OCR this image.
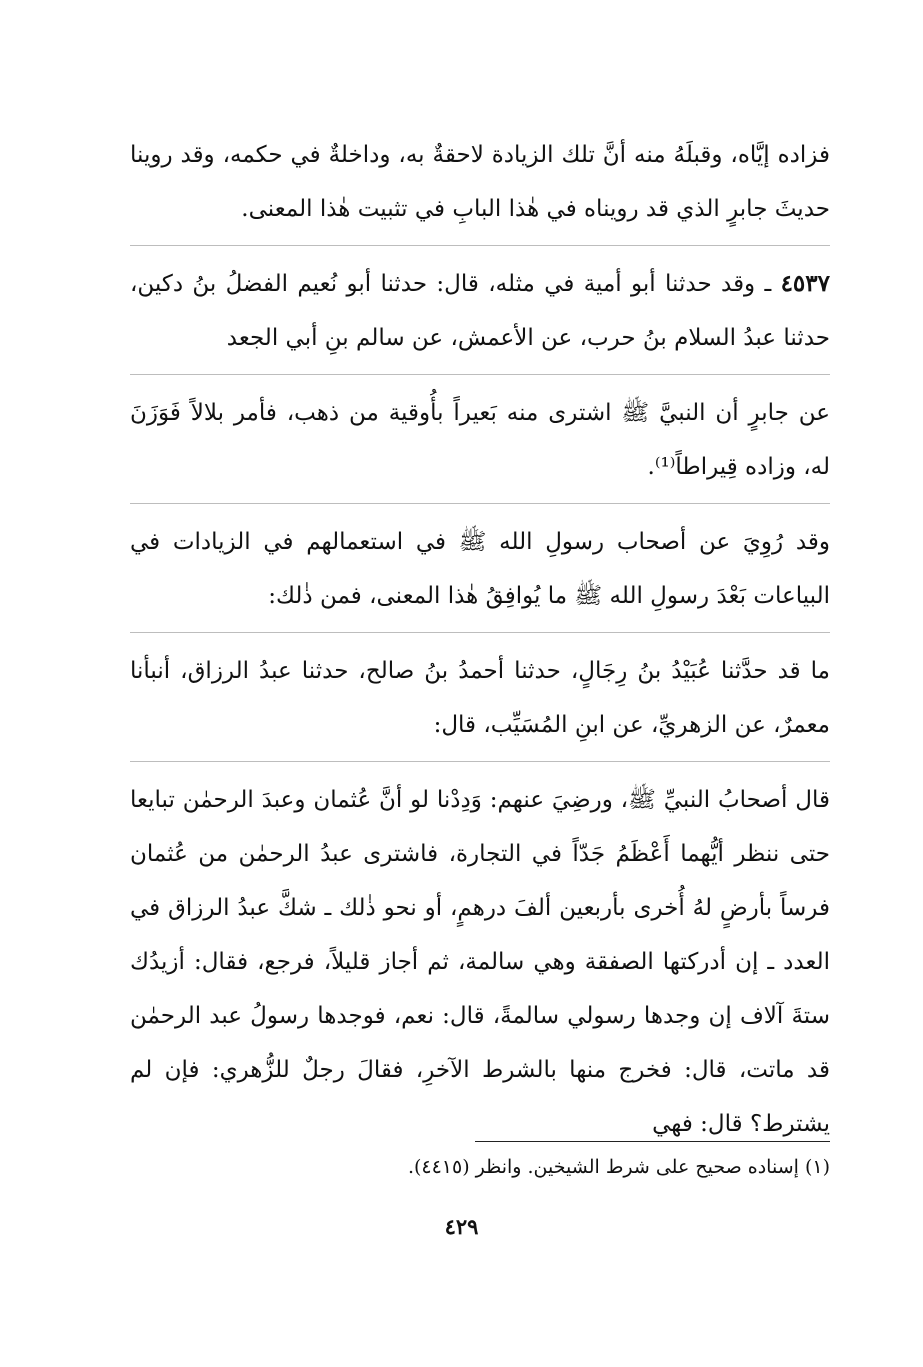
فزاده إيَّاه، وقبلَهُ منه أنَّ تلك الزيادة لاحقةٌ به، وداخلةٌ في حكمه، وقد روينا حديثَ جابرٍ الذي قد رويناه في هٰذا البابِ في تثبيت هٰذا المعنى.

٤٥٣٧ ـ وقد حدثنا أبو أمية في مثله، قال: حدثنا أبو نُعيم الفضلُ بنُ دكين، حدثنا عبدُ السلام بنُ حرب، عن الأعمش، عن سالم بنِ أبي الجعد

عن جابرٍ أن النبيَّ ﷺ اشترى منه بَعيراً بأُوقية من ذهب، فأمر بلالاً فَوَزَنَ له، وزاده قِيراطاً⁽¹⁾.

وقد رُوِيَ عن أصحاب رسولِ الله ﷺ في استعمالهم في الزيادات في البياعات بَعْدَ رسولِ الله ﷺ ما يُوافِقُ هٰذا المعنى، فمن ذٰلك:

ما قد حدَّثنا عُبَيْدُ بنُ رِجَالٍ، حدثنا أحمدُ بنُ صالح، حدثنا عبدُ الرزاق، أنبأنا معمرٌ، عن الزهريِّ، عن ابنِ المُسَيِّب، قال:

قال أصحابُ النبيِّ ﷺ، ورضِيَ عنهم: وَدِدْنا لو أنَّ عُثمان وعبدَ الرحمٰن تبايعا حتى ننظر أيُّهما أَعْظَمُ جَدّاً في التجارة، فاشترى عبدُ الرحمٰن من عُثمان فرساً بأرضٍ لهُ أُخرى بأربعين ألفَ درهمٍ، أو نحو ذٰلك ـ شكَّ عبدُ الرزاق في العدد ـ إن أدركتها الصفقة وهي سالمة، ثم أجاز قليلاً، فرجع، فقال: أزيدُك ستةَ آلاف إن وجدها رسولي سالمةً، قال: نعم، فوجدها رسولُ عبد الرحمٰن قد ماتت، قال: فخرج منها بالشرط الآخرِ، فقالَ رجلٌ للزُّهري: فإن لم يشترط؟ قال: فهي

(١) إسناده صحيح على شرط الشيخين. وانظر (٤٤١٥).

٤٢٩
